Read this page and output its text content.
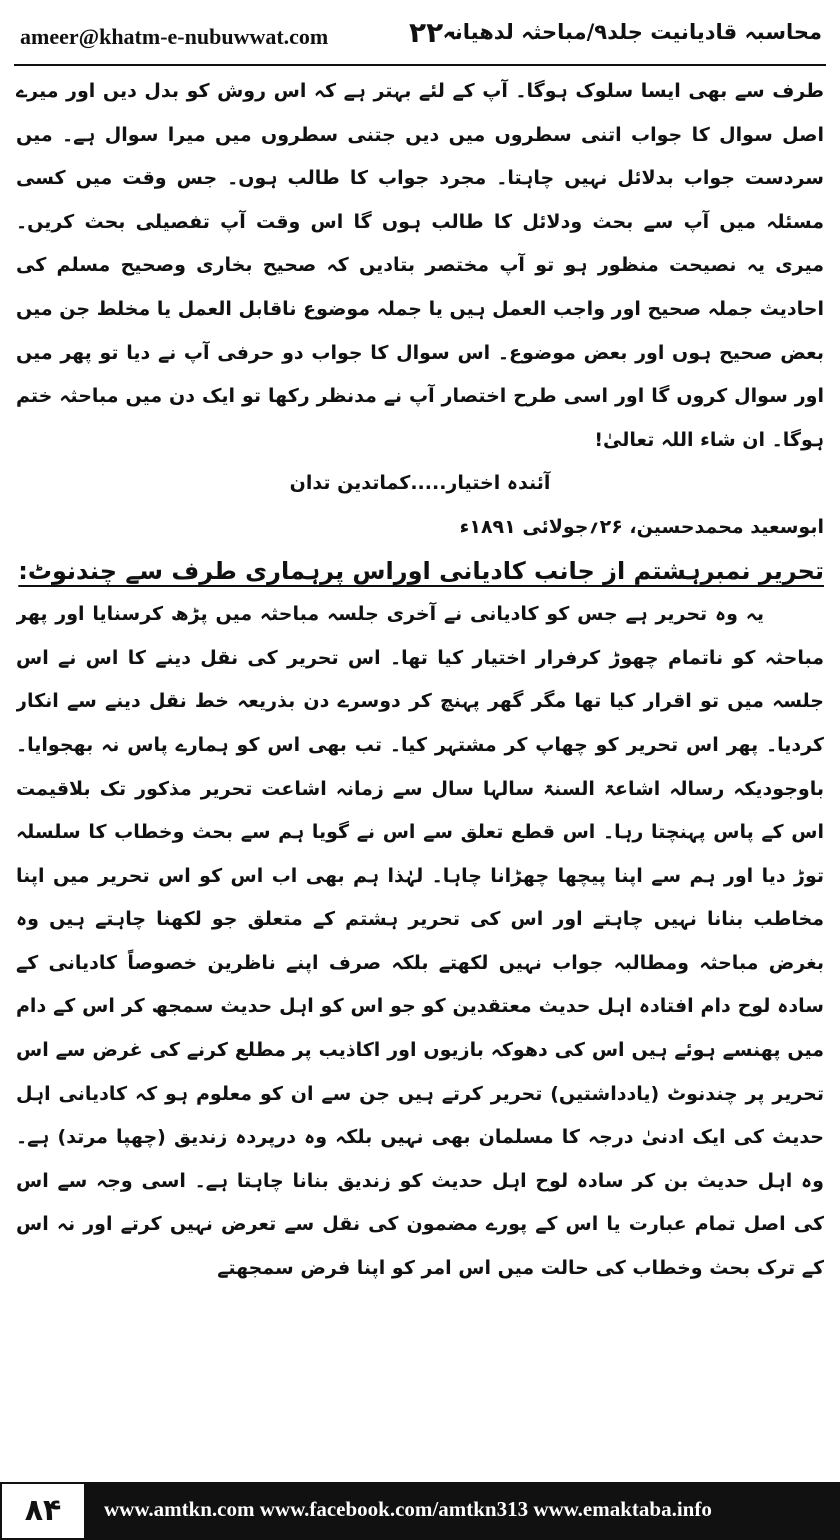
ameer@khatm-e-nubuwwat.com	۲۲۰
محاسبہ قادیانیت جلد۹/مباحثہ لدھیانہ

طرف سے بھی ایسا سلوک ہوگا۔ آپ کے لئے بہتر ہے کہ اس روش کو بدل دیں اور میرے اصل سوال کا جواب اتنی سطروں میں دیں جتنی سطروں میں میرا سوال ہے۔ میں سردست جواب بدلائل نہیں چاہتا۔ مجرد جواب کا طالب ہوں۔ جس وقت میں کسی مسئلہ میں آپ سے بحث ودلائل کا طالب ہوں گا اس وقت آپ تفصیلی بحث کریں۔ میری یہ نصیحت منظور ہو تو آپ مختصر بتادیں کہ صحیح بخاری وصحیح مسلم کی احادیث جملہ صحیح اور واجب العمل ہیں یا جملہ موضوع ناقابل العمل یا مخلط جن میں بعض صحیح ہوں اور بعض موضوع۔ اس سوال کا جواب دو حرفی آپ نے دیا تو پھر میں اور سوال کروں گا اور اسی طرح اختصار آپ نے مدنظر رکھا تو ایک دن میں مباحثہ ختم ہوگا۔ ان شاء اللہ تعالیٰ!

آئندہ اختیار.....کماتدین تدان

ابوسعید محمدحسین، ۲۶؍جولائی ۱۸۹۱ء

تحریر نمبرہشتم از جانب کادیانی اوراس پرہماری طرف سے چندنوٹ:

یہ وہ تحریر ہے جس کو کادیانی نے آخری جلسہ مباحثہ میں پڑھ کرسنایا اور پھر مباحثہ کو ناتمام چھوڑ کرفرار اختیار کیا تھا۔ اس تحریر کی نقل دینے کا اس نے اس جلسہ میں تو اقرار کیا تھا مگر گھر پہنچ کر دوسرے دن بذریعہ خط نقل دینے سے انکار کردیا۔ پھر اس تحریر کو چھاپ کر مشتہر کیا۔ تب بھی اس کو ہمارے پاس نہ بھجوایا۔ باوجودیکہ رسالہ اشاعۃ السنۃ سالہا سال سے زمانہ اشاعت تحریر مذکور تک بلاقیمت اس کے پاس پہنچتا رہا۔ اس قطع تعلق سے اس نے گویا ہم سے بحث وخطاب کا سلسلہ توڑ دیا اور ہم سے اپنا پیچھا چھڑانا چاہا۔ لہٰذا ہم بھی اب اس کو اس تحریر میں اپنا مخاطب بنانا نہیں چاہتے اور اس کی تحریر ہشتم کے متعلق جو لکھنا چاہتے ہیں وہ بغرض مباحثہ ومطالبہ جواب نہیں لکھتے بلکہ صرف اپنے ناظرین خصوصاً کادیانی کے سادہ لوح دام افتادہ اہل حدیث معتقدین کو جو اس کو اہل حدیث سمجھ کر اس کے دام میں پھنسے ہوئے ہیں اس کی دھوکہ بازیوں اور اکاذیب پر مطلع کرنے کی غرض سے اس تحریر پر چندنوٹ (یادداشتیں) تحریر کرتے ہیں جن سے ان کو معلوم ہو کہ کادیانی اہل حدیث کی ایک ادنیٰ درجہ کا مسلمان بھی نہیں بلکہ وہ درپردہ زندیق (چھپا مرتد) ہے۔ وہ اہل حدیث بن کر سادہ لوح اہل حدیث کو زندیق بنانا چاہتا ہے۔ اسی وجہ سے اس کی اصل تمام عبارت یا اس کے پورے مضمون کی نقل سے تعرض نہیں کرتے اور نہ اس کے ترک بحث وخطاب کی حالت میں اس امر کو اپنا فرض سمجھتے

۸۴	www.amtkn.com www.facebook.com/amtkn313 www.emaktaba.info
